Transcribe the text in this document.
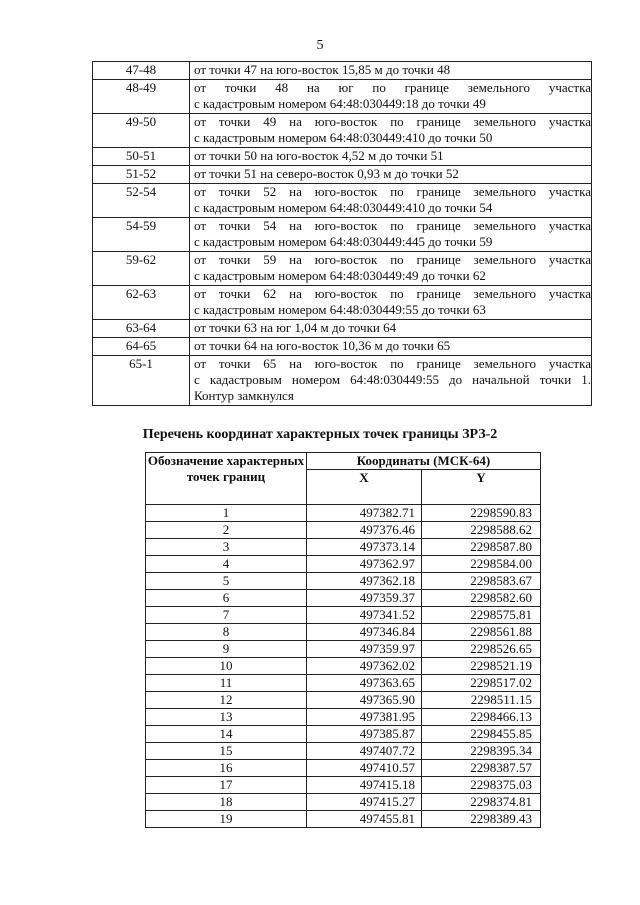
5
47-48	от точки 47 на юго-восток 15,85 м до точки 48

48-49	от точки 48 на юг по границе земельного участка
с кадастровым номером 64:48:030449:18 до точки 49

49-50	от точки 49 на юго-восток по границе земельного участка
с кадастровым номером 64:48:030449:410 до точки 50

50-51	от точки 50 на юго-восток 4,52 м до точки 51

51-52	от точки 51 на северо-восток 0,93 м до точки 52

52-54	от точки 52 на юго-восток по границе земельного участка
с кадастровым номером 64:48:030449:410 до точки 54

54-59	от точки 54 на юго-восток по границе земельного участка
с кадастровым номером 64:48:030449:445 до точки 59

59-62	от точки 59 на юго-восток по границе земельного участка
с кадастровым номером 64:48:030449:49 до точки 62

62-63	от точки 62 на юго-восток по границе земельного участка
с кадастровым номером 64:48:030449:55 до точки 63

63-64	от точки 63 на юг 1,04 м до точки 64

64-65	от точки 64 на юго-восток 10,36 м до точки 65

65-1	от точки 65 на юго-восток по границе земельного участка
с кадастровым номером 64:48:030449:55 до начальной точки 1.
Контур замкнулся
Перечень координат характерных точек границы ЗРЗ-2
Обозначение характерных точек границ	Координаты (МСК-64)	
	X	Y
1	497382.71	2298590.83
2	497376.46	2298588.62
3	497373.14	2298587.80
4	497362.97	2298584.00
5	497362.18	2298583.67
6	497359.37	2298582.60
7	497341.52	2298575.81
8	497346.84	2298561.88
9	497359.97	2298526.65
10	497362.02	2298521.19
11	497363.65	2298517.02
12	497365.90	2298511.15
13	497381.95	2298466.13
14	497385.87	2298455.85
15	497407.72	2298395.34
16	497410.57	2298387.57
17	497415.18	2298375.03
18	497415.27	2298374.81
19	497455.81	2298389.43
